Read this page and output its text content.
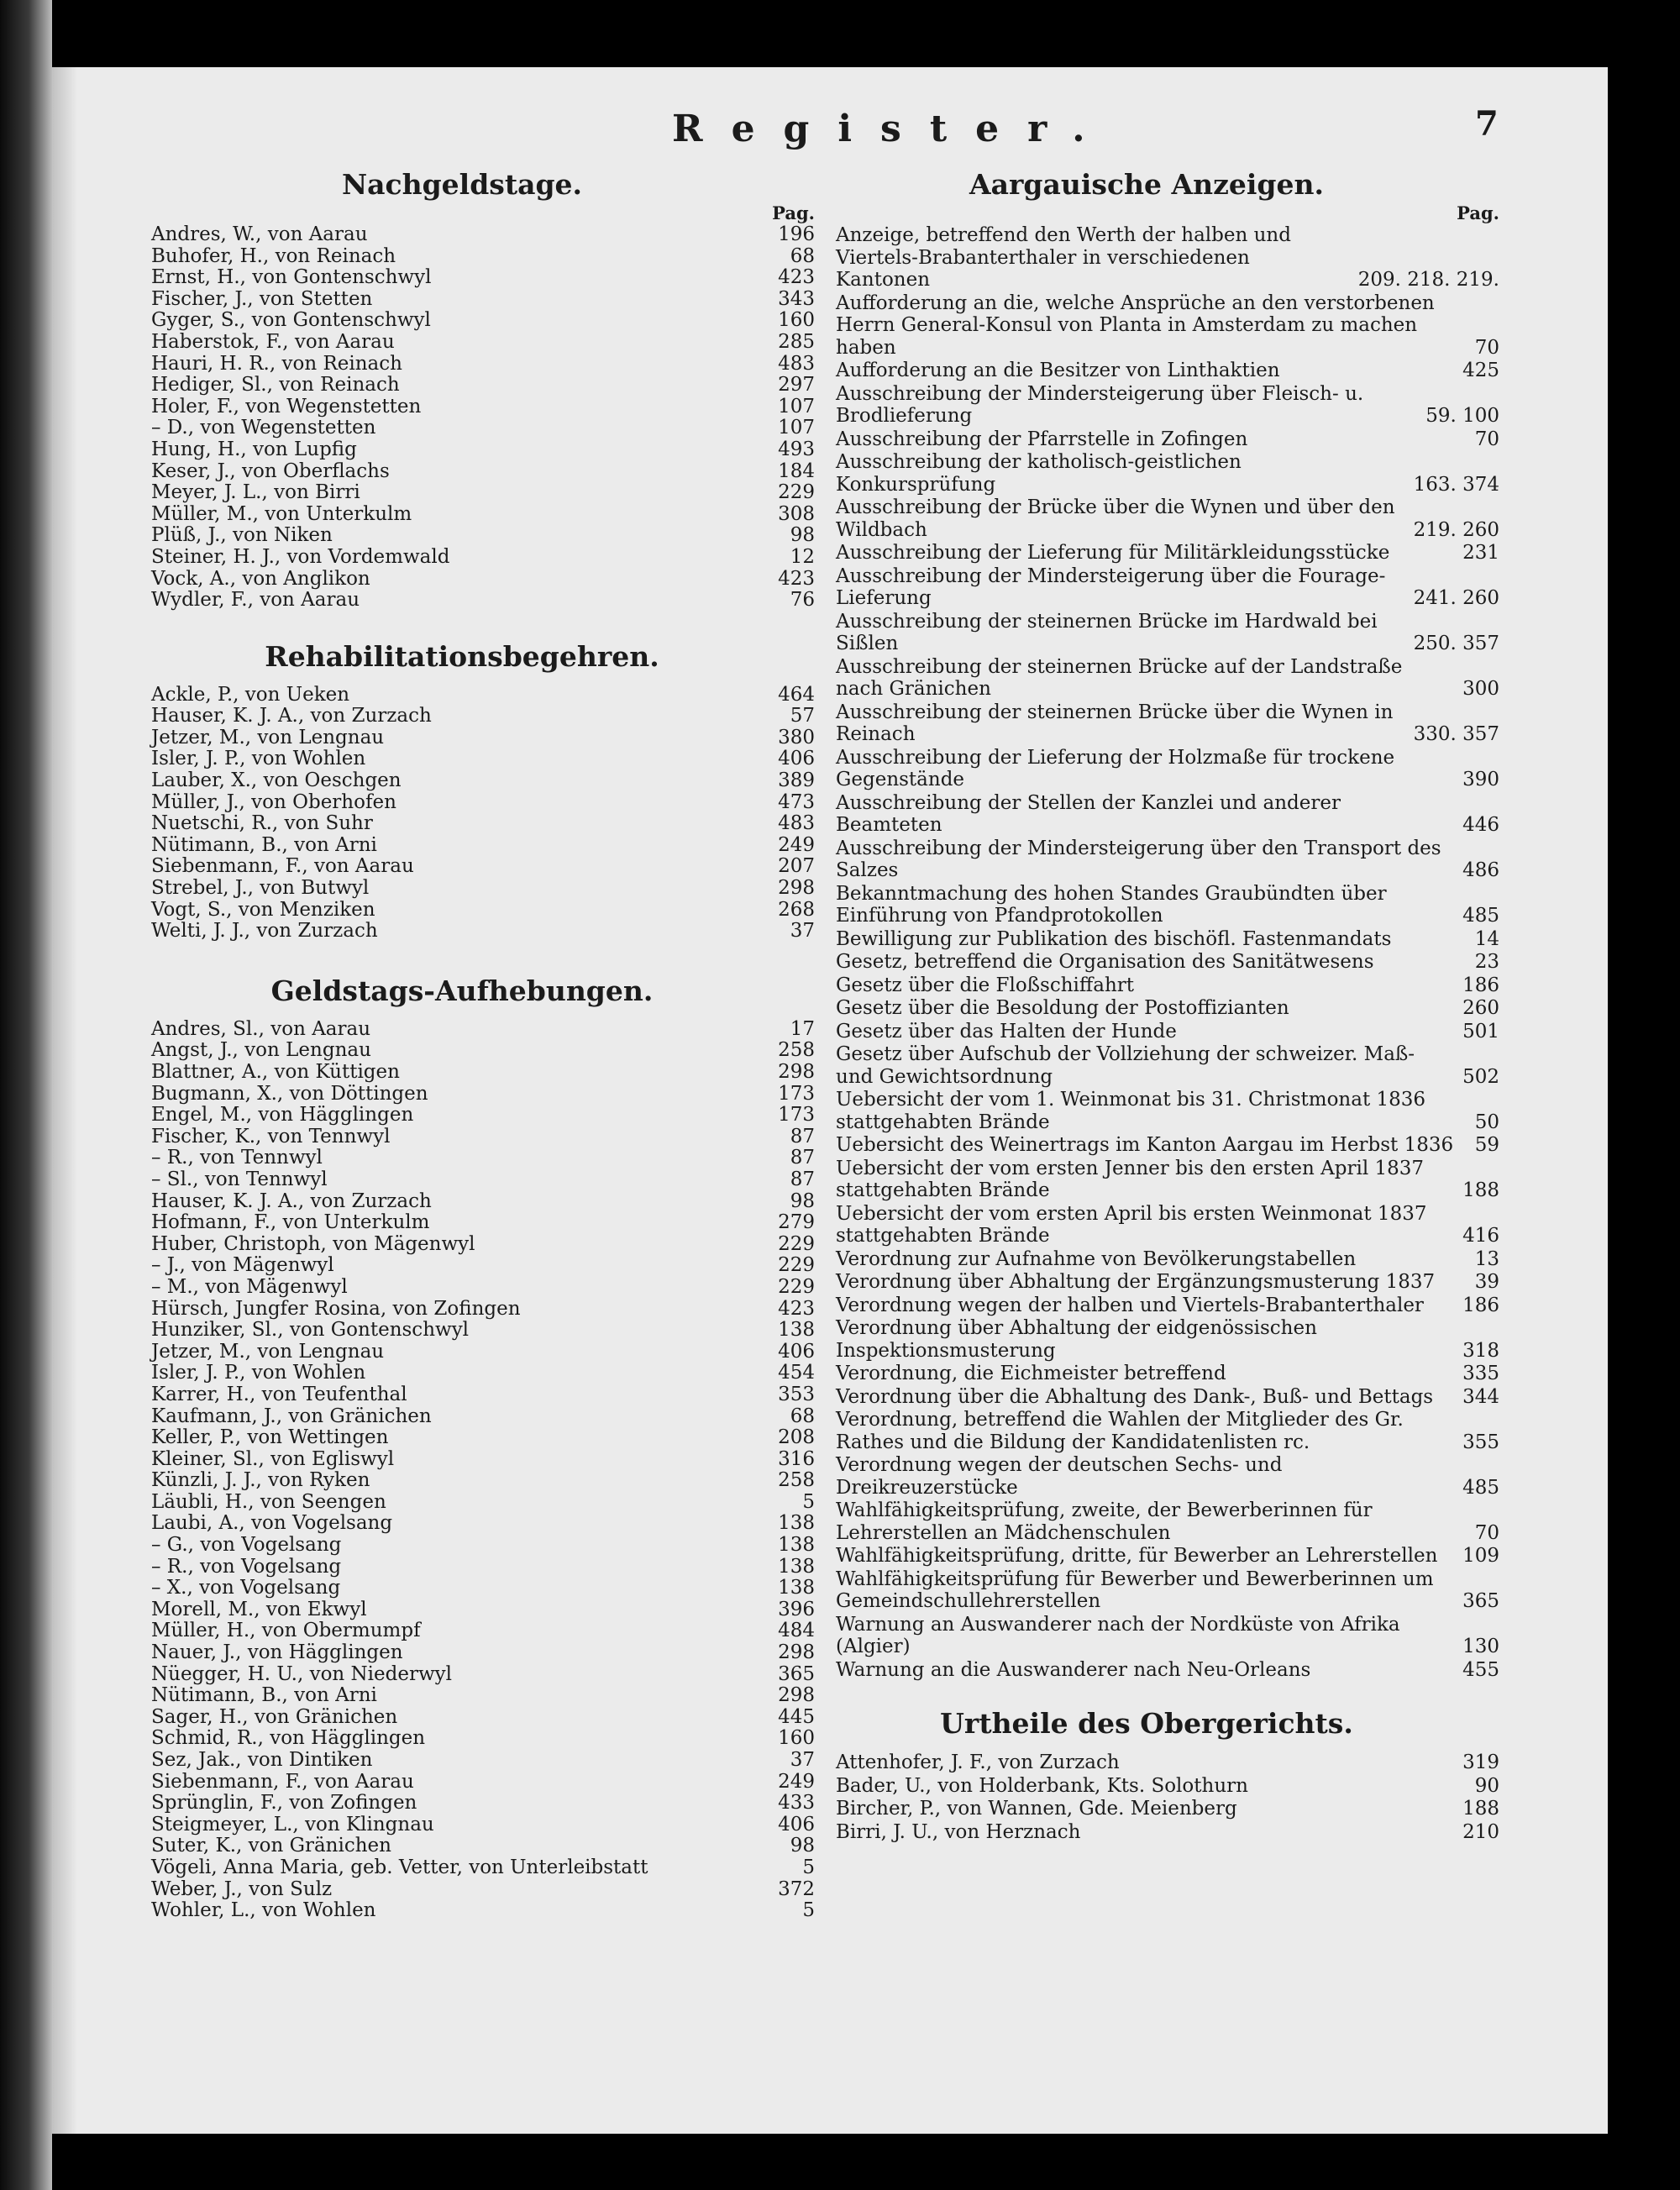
Register.	7
Nachgeldstage.
Pag.
Andres, W., von Aarau	196
Buhofer, H., von Reinach	68
Ernst, H., von Gontenschwyl	423
Fischer, J., von Stetten	343
Gyger, S., von Gontenschwyl	160
Haberstok, F., von Aarau	285
Hauri, H. R., von Reinach	483
Hediger, Sl., von Reinach	297
Holer, F., von Wegenstetten	107
– D., von Wegenstetten	107
Hung, H., von Lupfig	493
Keser, J., von Oberflachs	184
Meyer, J. L., von Birri	229
Müller, M., von Unterkulm	308
Plüß, J., von Niken	98
Steiner, H. J., von Vordemwald	12
Vock, A., von Anglikon	423
Wydler, F., von Aarau	76
Rehabilitationsbegehren.
Ackle, P., von Ueken	464
Hauser, K. J. A., von Zurzach	57
Jetzer, M., von Lengnau	380
Isler, J. P., von Wohlen	406
Lauber, X., von Oeschgen	389
Müller, J., von Oberhofen	473
Nuetschi, R., von Suhr	483
Nütimann, B., von Arni	249
Siebenmann, F., von Aarau	207
Strebel, J., von Butwyl	298
Vogt, S., von Menziken	268
Welti, J. J., von Zurzach	37
Geldstags-Aufhebungen.
Andres, Sl., von Aarau	17
Angst, J., von Lengnau	258
Blattner, A., von Küttigen	298
Bugmann, X., von Döttingen	173
Engel, M., von Hägglingen	173
Fischer, K., von Tennwyl	87
– R., von Tennwyl	87
– Sl., von Tennwyl	87
Hauser, K. J. A., von Zurzach	98
Hofmann, F., von Unterkulm	279
Huber, Christoph, von Mägenwyl	229
– J., von Mägenwyl	229
– M., von Mägenwyl	229
Hürsch, Jungfer Rosina, von Zofingen	423
Hunziker, Sl., von Gontenschwyl	138
Jetzer, M., von Lengnau	406
Isler, J. P., von Wohlen	454
Karrer, H., von Teufenthal	353
Kaufmann, J., von Gränichen	68
Keller, P., von Wettingen	208
Kleiner, Sl., von Egliswyl	316
Künzli, J. J., von Ryken	258
Läubli, H., von Seengen	5
Laubi, A., von Vogelsang	138
– G., von Vogelsang	138
– R., von Vogelsang	138
– X., von Vogelsang	138
Morell, M., von Ekwyl	396
Müller, H., von Obermumpf	484
Nauer, J., von Hägglingen	298
Nüegger, H. U., von Niederwyl	365
Nütimann, B., von Arni	298
Sager, H., von Gränichen	445
Schmid, R., von Hägglingen	160
Sez, Jak., von Dintiken	37
Siebenmann, F., von Aarau	249
Sprünglin, F., von Zofingen	433
Steigmeyer, L., von Klingnau	406
Suter, K., von Gränichen	98
Vögeli, Anna Maria, geb. Vetter, von Unterleibstatt	5
Weber, J., von Sulz	372
Wohler, L., von Wohlen	5
Aargauische Anzeigen.
Pag.
Anzeige, betreffend den Werth der halben und Viertels-Brabanterthaler in verschiedenen Kantonen	209. 218. 219.
Aufforderung an die, welche Ansprüche an den verstorbenen Herrn General-Konsul von Planta in Amsterdam zu machen haben	70
Aufforderung an die Besitzer von Linthaktien	425
Ausschreibung der Mindersteigerung über Fleisch- u. Brodlieferung	59. 100
Ausschreibung der Pfarrstelle in Zofingen	70
Ausschreibung der katholisch-geistlichen Konkursprüfung	163. 374
Ausschreibung der Brücke über die Wynen und über den Wildbach	219. 260
Ausschreibung der Lieferung für Militärkleidungsstücke	231
Ausschreibung der Mindersteigerung über die Fourage-Lieferung	241. 260
Ausschreibung der steinernen Brücke im Hardwald bei Sißlen	250. 357
Ausschreibung der steinernen Brücke auf der Landstraße nach Gränichen	300
Ausschreibung der steinernen Brücke über die Wynen in Reinach	330. 357
Ausschreibung der Lieferung der Holzmaße für trockene Gegenstände	390
Ausschreibung der Stellen der Kanzlei und anderer Beamteten	446
Ausschreibung der Mindersteigerung über den Transport des Salzes	486
Bekanntmachung des hohen Standes Graubündten über Einführung von Pfandprotokollen	485
Bewilligung zur Publikation des bischöfl. Fastenmandats	14
Gesetz, betreffend die Organisation des Sanitätwesens	23
Gesetz über die Floßschiffahrt	186
Gesetz über die Besoldung der Postoffizianten	260
Gesetz über das Halten der Hunde	501
Gesetz über Aufschub der Vollziehung der schweizer. Maß- und Gewichtsordnung	502
Uebersicht der vom 1. Weinmonat bis 31. Christmonat 1836 stattgehabten Brände	50
Uebersicht des Weinertrags im Kanton Aargau im Herbst 1836	59
Uebersicht der vom ersten Jenner bis den ersten April 1837 stattgehabten Brände	188
Uebersicht der vom ersten April bis ersten Weinmonat 1837 stattgehabten Brände	416
Verordnung zur Aufnahme von Bevölkerungstabellen	13
Verordnung über Abhaltung der Ergänzungsmusterung 1837	39
Verordnung wegen der halben und Viertels-Brabanterthaler	186
Verordnung über Abhaltung der eidgenössischen Inspektionsmusterung	318
Verordnung, die Eichmeister betreffend	335
Verordnung über die Abhaltung des Dank-, Buß- und Bettags	344
Verordnung, betreffend die Wahlen der Mitglieder des Gr. Rathes und die Bildung der Kandidatenlisten rc.	355
Verordnung wegen der deutschen Sechs- und Dreikreuzerstücke	485
Wahlfähigkeitsprüfung, zweite, der Bewerberinnen für Lehrerstellen an Mädchenschulen	70
Wahlfähigkeitsprüfung, dritte, für Bewerber an Lehrerstellen	109
Wahlfähigkeitsprüfung für Bewerber und Bewerberinnen um Gemeindschullehrerstellen	365
Warnung an Auswanderer nach der Nordküste von Afrika (Algier)	130
Warnung an die Auswanderer nach Neu-Orleans	455
Urtheile des Obergerichts.
Attenhofer, J. F., von Zurzach	319
Bader, U., von Holderbank, Kts. Solothurn	90
Bircher, P., von Wannen, Gde. Meienberg	188
Birri, J. U., von Herznach	210
